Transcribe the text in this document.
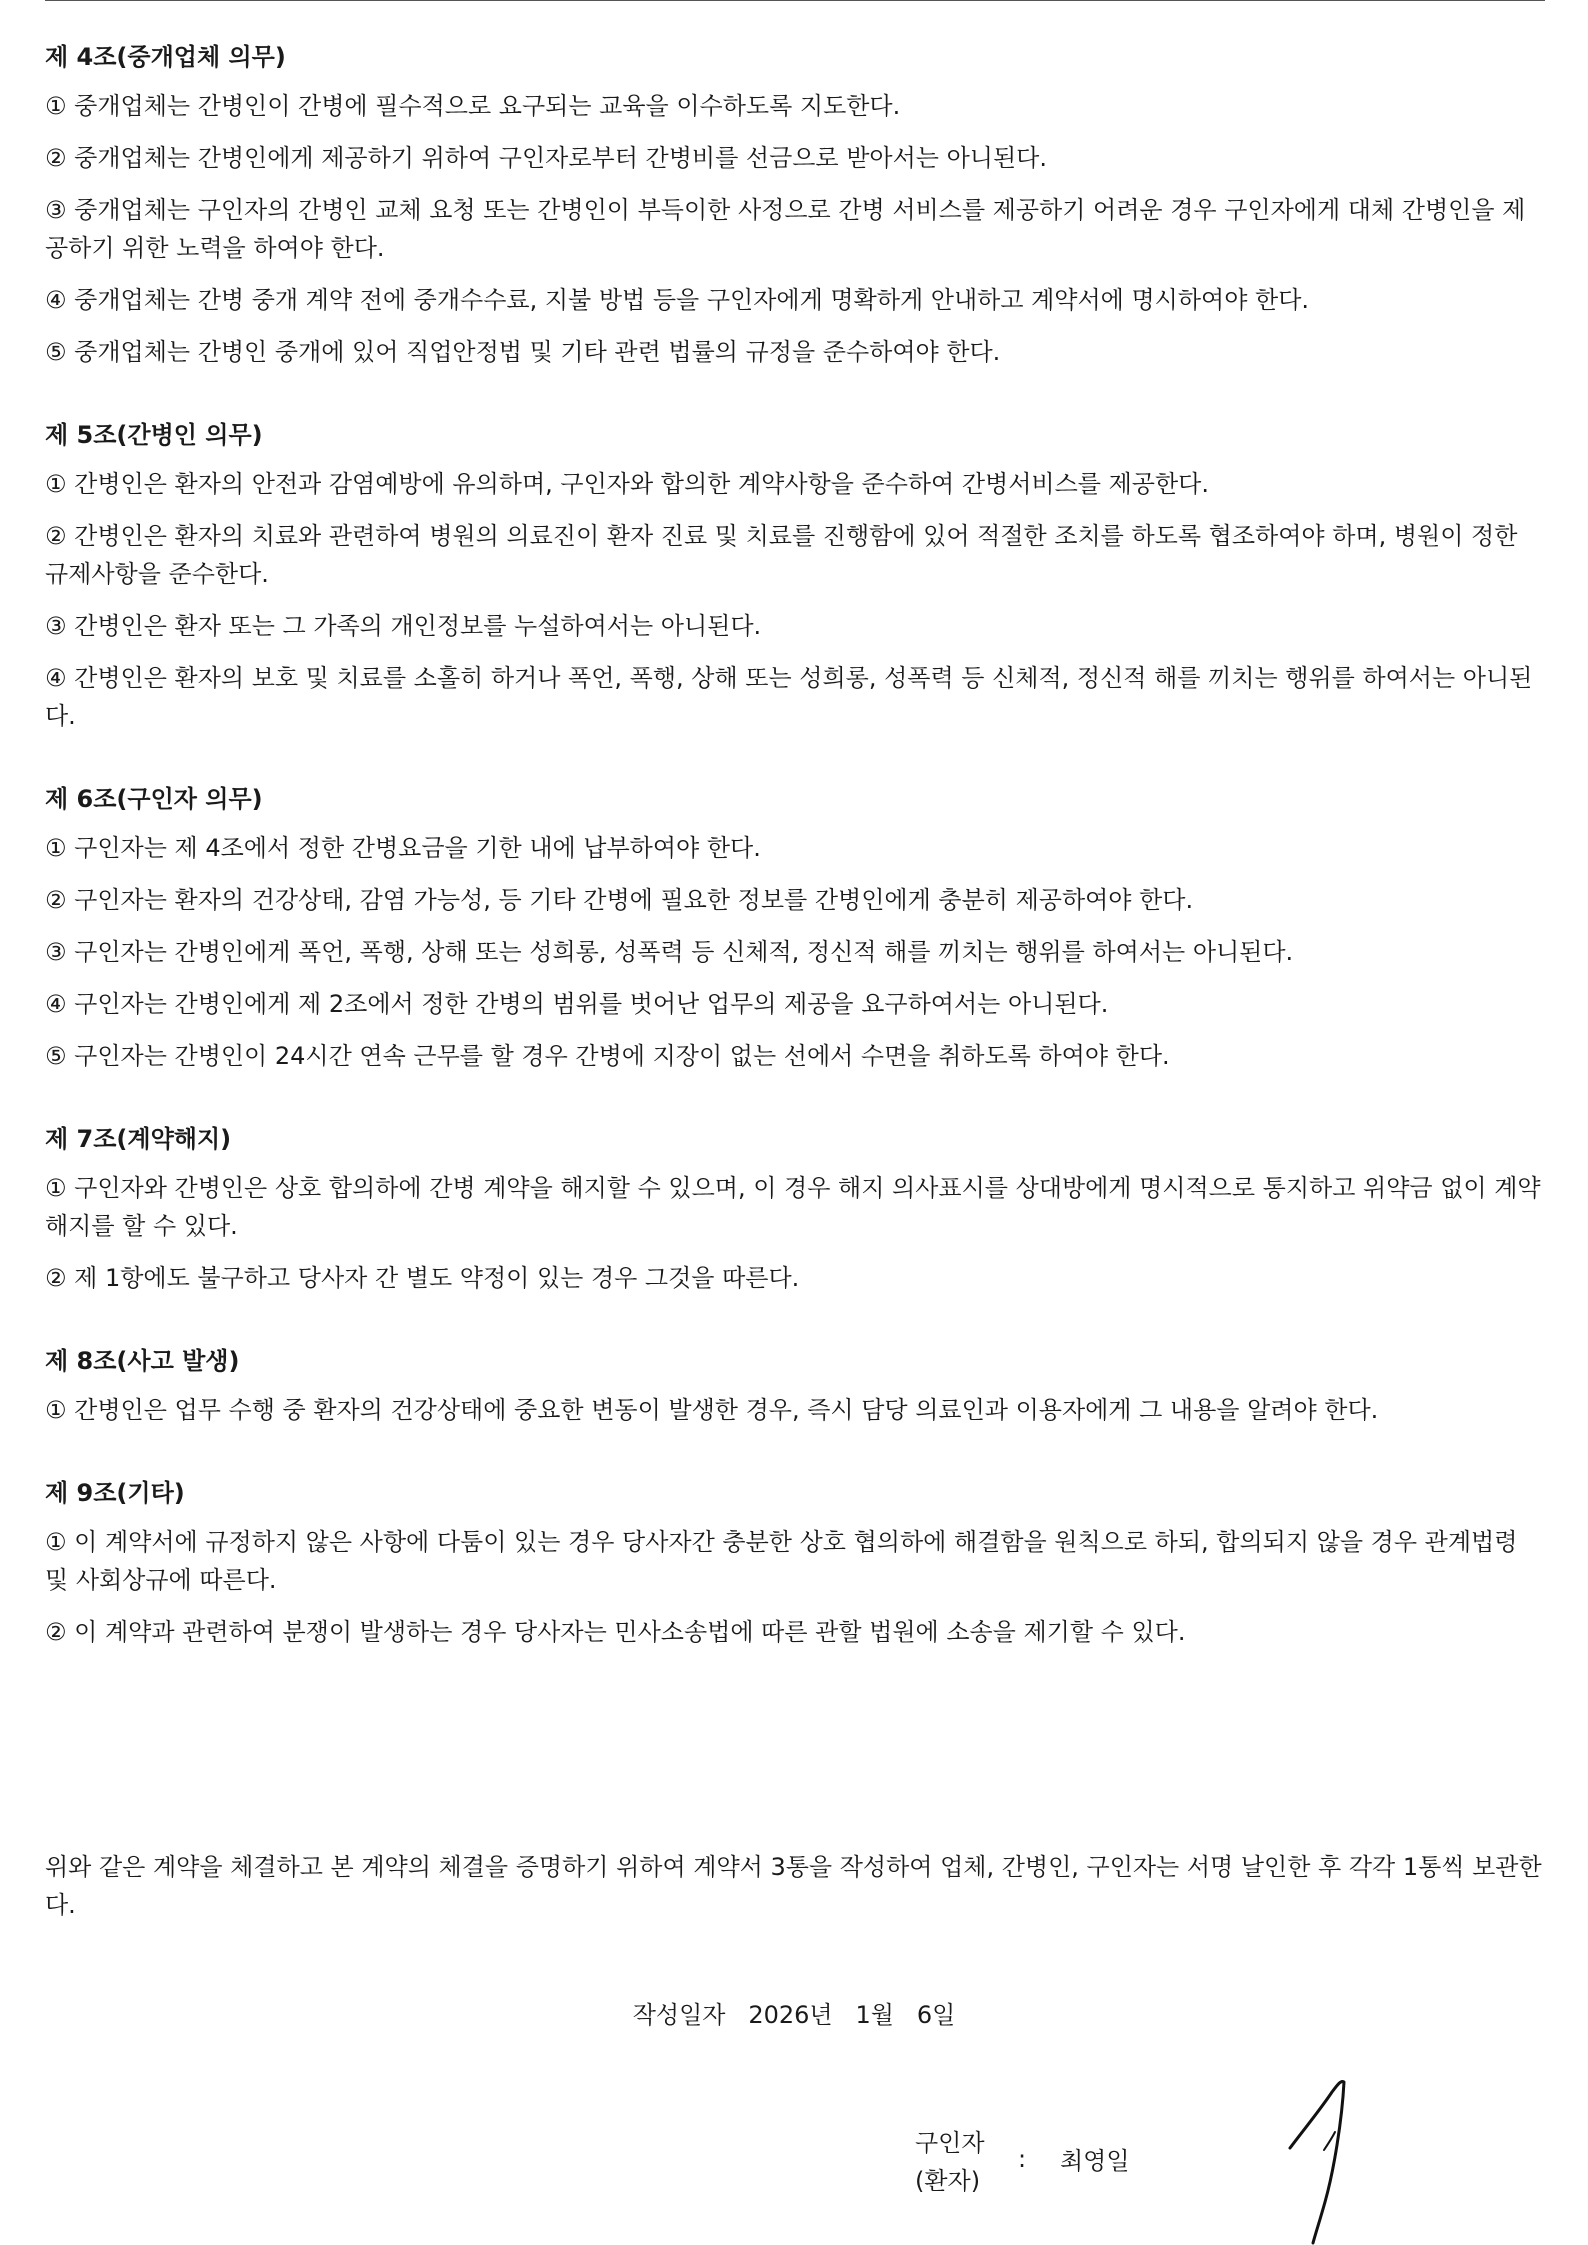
제 4조(중개업체 의무)

① 중개업체는 간병인이 간병에 필수적으로 요구되는 교육을 이수하도록 지도한다.

② 중개업체는 간병인에게 제공하기 위하여 구인자로부터 간병비를 선금으로 받아서는 아니된다.

③ 중개업체는 구인자의 간병인 교체 요청 또는 간병인이 부득이한 사정으로 간병 서비스를 제공하기 어려운 경우 구인자에게 대체 간병인을 제공하기 위한 노력을 하여야 한다.

④ 중개업체는 간병 중개 계약 전에 중개수수료, 지불 방법 등을 구인자에게 명확하게 안내하고 계약서에 명시하여야 한다.

⑤ 중개업체는 간병인 중개에 있어 직업안정법 및 기타 관련 법률의 규정을 준수하여야 한다.

제 5조(간병인 의무)

① 간병인은 환자의 안전과 감염예방에 유의하며, 구인자와 합의한 계약사항을 준수하여 간병서비스를 제공한다.

② 간병인은 환자의 치료와 관련하여 병원의 의료진이 환자 진료 및 치료를 진행함에 있어 적절한 조치를 하도록 협조하여야 하며, 병원이 정한 규제사항을 준수한다.

③ 간병인은 환자 또는 그 가족의 개인정보를 누설하여서는 아니된다.

④ 간병인은 환자의 보호 및 치료를 소홀히 하거나 폭언, 폭행, 상해 또는 성희롱, 성폭력 등 신체적, 정신적 해를 끼치는 행위를 하여서는 아니된다.

제 6조(구인자 의무)

① 구인자는 제 4조에서 정한 간병요금을 기한 내에 납부하여야 한다.

② 구인자는 환자의 건강상태, 감염 가능성, 등 기타 간병에 필요한 정보를 간병인에게 충분히 제공하여야 한다.

③ 구인자는 간병인에게 폭언, 폭행, 상해 또는 성희롱, 성폭력 등 신체적, 정신적 해를 끼치는 행위를 하여서는 아니된다.

④ 구인자는 간병인에게 제 2조에서 정한 간병의 범위를 벗어난 업무의 제공을 요구하여서는 아니된다.

⑤ 구인자는 간병인이 24시간 연속 근무를 할 경우 간병에 지장이 없는 선에서 수면을 취하도록 하여야 한다.

제 7조(계약해지)

① 구인자와 간병인은 상호 합의하에 간병 계약을 해지할 수 있으며, 이 경우 해지 의사표시를 상대방에게 명시적으로 통지하고 위약금 없이 계약해지를 할 수 있다.

② 제 1항에도 불구하고 당사자 간 별도 약정이 있는 경우 그것을 따른다.

제 8조(사고 발생)

① 간병인은 업무 수행 중 환자의 건강상태에 중요한 변동이 발생한 경우, 즉시 담당 의료인과 이용자에게 그 내용을 알려야 한다.

제 9조(기타)

① 이 계약서에 규정하지 않은 사항에 다툼이 있는 경우 당사자간 충분한 상호 협의하에 해결함을 원칙으로 하되, 합의되지 않을 경우 관계법령 및 사회상규에 따른다.

② 이 계약과 관련하여 분쟁이 발생하는 경우 당사자는 민사소송법에 따른 관할 법원에 소송을 제기할 수 있다.

위와 같은 계약을 체결하고 본 계약의 체결을 증명하기 위하여 계약서 3통을 작성하여 업체, 간병인, 구인자는 서명 날인한 후 각각 1통씩 보관한다.

작성일자   2026년   1월   6일
구인자
(환자)
: 최영일
